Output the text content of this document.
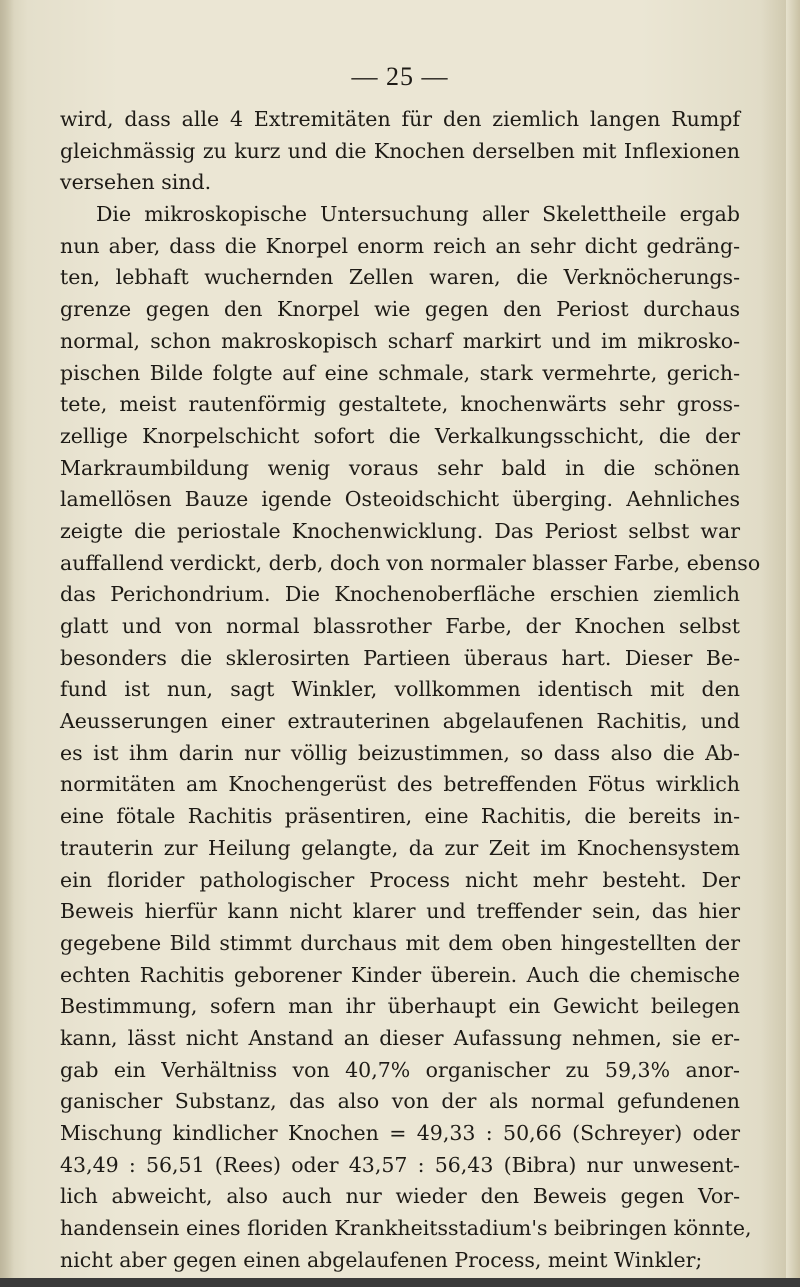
— 25 —
wird, dass alle 4 Extremitäten für den ziemlich langen Rumpf
gleichmässig zu kurz und die Knochen derselben mit Inflexionen
versehen sind.
Die mikroskopische Untersuchung aller Skelettheile ergab
nun aber, dass die Knorpel enorm reich an sehr dicht gedräng-
ten, lebhaft wuchernden Zellen waren, die Verknöcherungs-
grenze gegen den Knorpel wie gegen den Periost durchaus
normal, schon makroskopisch scharf markirt und im mikrosko-
pischen Bilde folgte auf eine schmale, stark vermehrte, gerich-
tete, meist rautenförmig gestaltete, knochenwärts sehr gross-
zellige Knorpelschicht sofort die Verkalkungsschicht, die der
Markraumbildung wenig voraus sehr bald in die schönen
lamellösen Bauze igende Osteoidschicht überging. Aehnliches
zeigte die periostale Knochenwicklung. Das Periost selbst war
auffallend verdickt, derb, doch von normaler blasser Farbe, ebenso
das Perichondrium. Die Knochenoberfläche erschien ziemlich
glatt und von normal blassrother Farbe, der Knochen selbst
besonders die sklerosirten Partieen überaus hart. Dieser Be-
fund ist nun, sagt Winkler, vollkommen identisch mit den
Aeusserungen einer extrauterinen abgelaufenen Rachitis, und
es ist ihm darin nur völlig beizustimmen, so dass also die Ab-
normitäten am Knochengerüst des betreffenden Fötus wirklich
eine fötale Rachitis präsentiren, eine Rachitis, die bereits in-
trauterin zur Heilung gelangte, da zur Zeit im Knochensystem
ein florider pathologischer Process nicht mehr besteht. Der
Beweis hierfür kann nicht klarer und treffender sein, das hier
gegebene Bild stimmt durchaus mit dem oben hingestellten der
echten Rachitis geborener Kinder überein. Auch die chemische
Bestimmung, sofern man ihr überhaupt ein Gewicht beilegen
kann, lässt nicht Anstand an dieser Aufassung nehmen, sie er-
gab ein Verhältniss von 40,7% organischer zu 59,3% anor-
ganischer Substanz, das also von der als normal gefundenen
Mischung kindlicher Knochen = 49,33 : 50,66 (Schreyer) oder
43,49 : 56,51 (Rees) oder 43,57 : 56,43 (Bibra) nur unwesent-
lich abweicht, also auch nur wieder den Beweis gegen Vor-
handensein eines floriden Krankheitsstadium's beibringen könnte,
nicht aber gegen einen abgelaufenen Process, meint Winkler;
